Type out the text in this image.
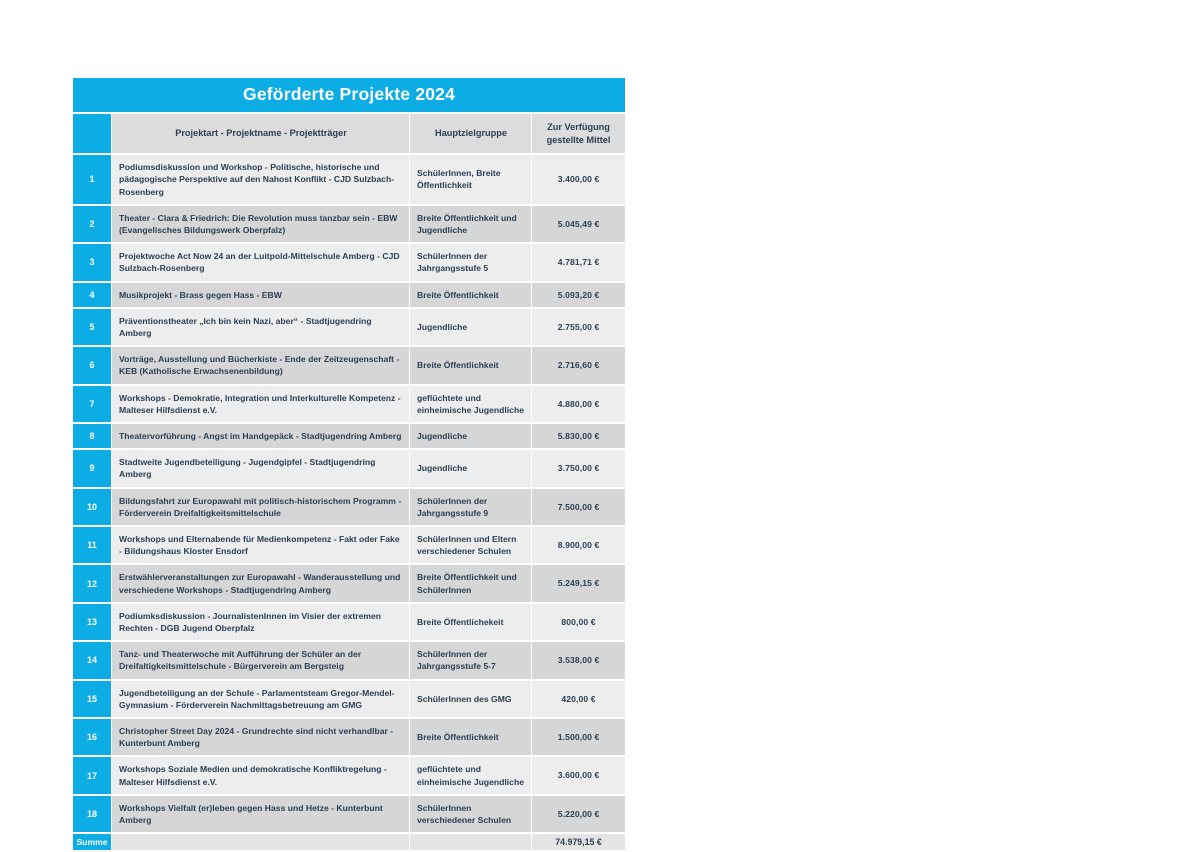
Geförderte Projekte 2024			
	Projektart - Projektname - Projektträger	Hauptzielgruppe	Zur Verfügung gestellte Mittel
1	Podiumsdiskussion und Workshop - Politische, historische und pädagogische Perspektive auf den Nahost Konflikt - CJD Sulzbach-Rosenberg	SchülerInnen, Breite Öffentlichkeit	3.400,00 €
2	Theater - Clara & Friedrich: Die Revolution muss tanzbar sein - EBW (Evangelisches Bildungswerk Oberpfalz)	Breite Öffentlichkeit und Jugendliche	5.045,49 €
3	Projektwoche Act Now 24 an der Luitpold-Mittelschule Amberg - CJD Sulzbach-Rosenberg	SchülerInnen der Jahrgangsstufe 5	4.781,71 €
4	Musikprojekt - Brass gegen Hass - EBW	Breite Öffentlichkeit	5.093,20 €
5	Präventionstheater „Ich bin kein Nazi, aber“ - Stadtjugendring Amberg	Jugendliche	2.755,00 €
6	Vorträge, Ausstellung und Bücherkiste - Ende der Zeitzeugenschaft - KEB (Katholische Erwachsenenbildung)	Breite Öffentlichkeit	2.716,60 €
7	Workshops - Demokratie, Integration und Interkulturelle Kompetenz - Malteser Hilfsdienst e.V.	geflüchtete und einheimische Jugendliche	4.880,00 €
8	Theatervorführung - Angst im Handgepäck - Stadtjugendring Amberg	Jugendliche	5.830,00 €
9	Stadtweite Jugendbeteiligung - Jugendgipfel - Stadtjugendring Amberg	Jugendliche	3.750,00 €
10	Bildungsfahrt zur Europawahl mit politisch-historischem Programm - Förderverein Dreifaltigkeitsmittelschule	SchülerInnen der Jahrgangsstufe 9	7.500,00 €
11	Workshops und Elternabende für Medienkompetenz - Fakt oder Fake - Bildungshaus Kloster Ensdorf	SchülerInnen und Eltern verschiedener Schulen	8.900,00 €
12	Erstwählerveranstaltungen zur Europawahl - Wanderausstellung und verschiedene Workshops - Stadtjugendring Amberg	Breite Öffentlichkeit und SchülerInnen	5.249,15 €
13	Podiumksdiskussion - JournalistenInnen im Visier der extremen Rechten - DGB Jugend Oberpfalz	Breite Öffentlichekeit	800,00 €
14	Tanz- und Theaterwoche mit Aufführung der Schüler an der Dreifaltigkeitsmittelschule - Bürgerverein am Bergsteig	SchülerInnen der Jahrgangsstufe 5-7	3.538,00 €
15	Jugendbeteiligung an der Schule - Parlamentsteam Gregor-Mendel-Gymnasium - Förderverein Nachmittagsbetreuung am GMG	SchülerInnen des GMG	420,00 €
16	Christopher Street Day 2024 - Grundrechte sind nicht verhandlbar - Kunterbunt Amberg	Breite Öffentlichkeit	1.500,00 €
17	Workshops Soziale Medien und demokratische Konfliktregelung - Malteser Hilfsdienst e.V.	geflüchtete und einheimische Jugendliche	3.600,00 €
18	Workshops Vielfalt (er)leben gegen Hass und Hetze - Kunterbunt Amberg	SchülerInnen verschiedener Schulen	5.220,00 €
Summe			74.979,15 €
